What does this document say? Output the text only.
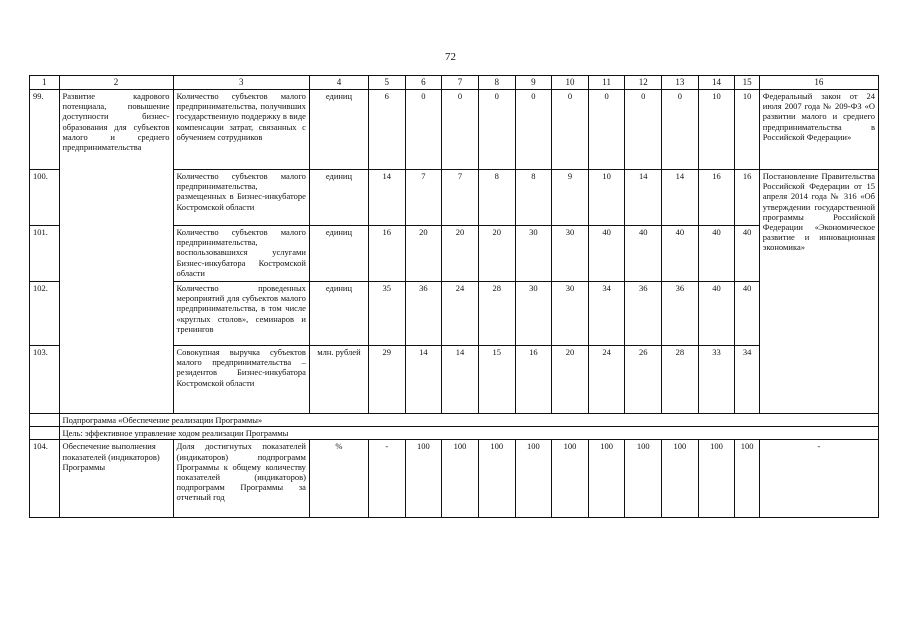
72
1	2	3	4	5	6	7	8	9	10	11	12	13	14	15	16
99.	Развитие кадрового потенциала, повышение доступности бизнес-образования для субъектов малого и среднего предпринимательства	Количество субъектов малого предпринимательства, получивших государственную поддержку в виде компенсации затрат, связанных с обучением сотрудников	единиц	6	0	0	0	0	0	0	0	0	10	10	Федеральный закон от 24 июля 2007 года № 209-ФЗ «О развитии малого и среднего предпринимательства в Российской Федерации»
100.		Количество субъектов малого предпринимательства, размещенных в Бизнес-инкубаторе Костромской области	единиц	14	7	7	8	8	9	10	14	14	16	16	Постановление Правительства Российской Федерации от 15 апреля 2014 года № 316 «Об утверждении государственной программы Российской Федерации «Экономическое развитие и инновационная экономика»
101.		Количество субъектов малого предпринимательства, воспользовавшихся услугами Бизнес-инкубатора Костромской области	единиц	16	20	20	20	30	30	40	40	40	40	40	
102.		Количество проведенных мероприятий для субъектов малого предпринимательства, в том числе «круглых столов», семинаров и тренингов	единиц	35	36	24	28	30	30	34	36	36	40	40	
103.		Совокупная выручка субъектов малого предпринимательства – резидентов Бизнес-инкубатора Костромской области	млн. рублей	29	14	14	15	16	20	24	26	28	33	34	
	Подпрограмма «Обеспечение реализации Программы»														
	Цель: эффективное управление ходом реализации Программы														
104.	Обеспечение выполнения показателей (индикаторов) Программы	Доля достигнутых показателей (индикаторов) подпрограмм Программы к общему количеству показателей (индикаторов) подпрограмм Программы за отчетный год	%	-	100	100	100	100	100	100	100	100	100	100	-
